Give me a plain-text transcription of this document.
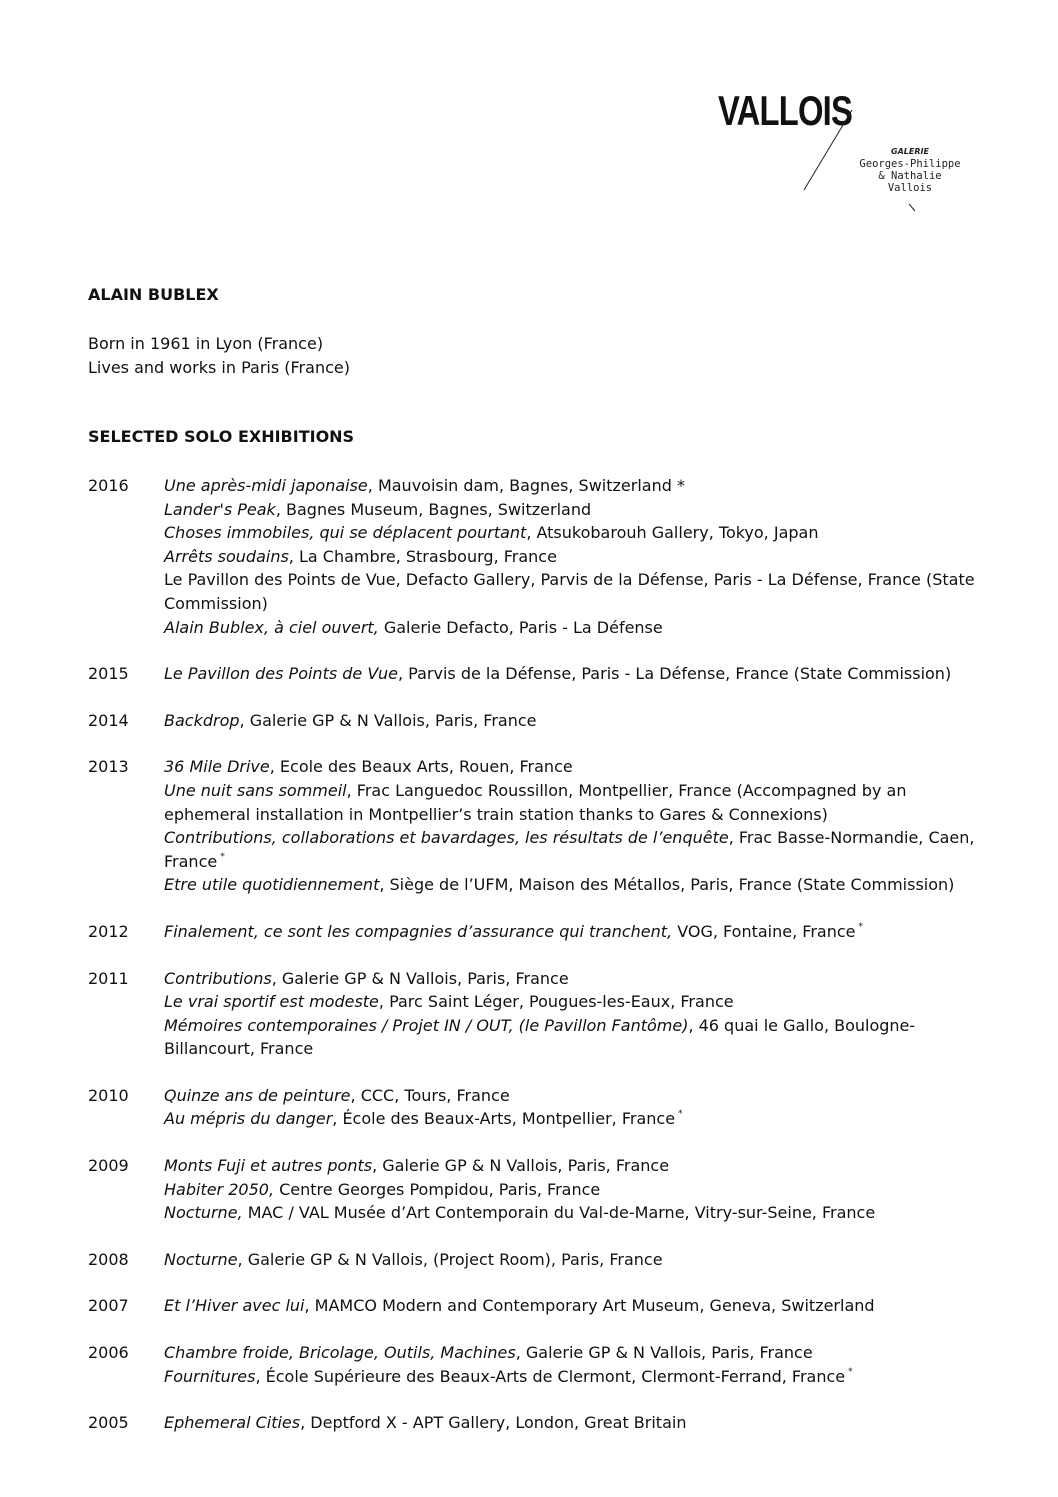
VALLOIS
GALERIE
Georges-Philippe
& Nathalie
Vallois
ALAIN BUBLEX
Born in 1961 in Lyon (France)
Lives and works in Paris (France)
SELECTED SOLO EXHIBITIONS
2016	Une après-midi japonaise, Mauvoisin dam, Bagnes, Switzerland *
Lander's Peak, Bagnes Museum, Bagnes, Switzerland
Choses immobiles, qui se déplacent pourtant, Atsukobarouh Gallery, Tokyo, Japan
Arrêts soudains, La Chambre, Strasbourg, France
Le Pavillon des Points de Vue, Defacto Gallery, Parvis de la Défense, Paris - La Défense, France (State Commission)
Alain Bublex, à ciel ouvert, Galerie Defacto, Paris - La Défense
2015	Le Pavillon des Points de Vue, Parvis de la Défense, Paris - La Défense, France (State Commission)
2014	Backdrop, Galerie GP & N Vallois, Paris, France
2013	36 Mile Drive, Ecole des Beaux Arts, Rouen, France
Une nuit sans sommeil, Frac Languedoc Roussillon, Montpellier, France (Accompagned by an ephemeral installation in Montpellier’s train station thanks to Gares & Connexions)
Contributions, collaborations et bavardages, les résultats de l’enquête, Frac Basse-Normandie, Caen, France *
Etre utile quotidiennement, Siège de l’UFM, Maison des Métallos, Paris, France (State Commission)
2012	Finalement, ce sont les compagnies d’assurance qui tranchent, VOG, Fontaine, France *
2011	Contributions, Galerie GP & N Vallois, Paris, France
Le vrai sportif est modeste, Parc Saint Léger, Pougues-les-Eaux, France
Mémoires contemporaines / Projet IN / OUT, (le Pavillon Fantôme), 46 quai le Gallo, Boulogne-Billancourt, France
2010	Quinze ans de peinture, CCC, Tours, France
Au mépris du danger, École des Beaux-Arts, Montpellier, France *
2009	Monts Fuji et autres ponts, Galerie GP & N Vallois, Paris, France
Habiter 2050, Centre Georges Pompidou, Paris, France
Nocturne, MAC / VAL Musée d’Art Contemporain du Val-de-Marne, Vitry-sur-Seine, France
2008	Nocturne, Galerie GP & N Vallois, (Project Room), Paris, France
2007	Et l’Hiver avec lui, MAMCO Modern and Contemporary Art Museum, Geneva, Switzerland
2006	Chambre froide, Bricolage, Outils, Machines, Galerie GP & N Vallois, Paris, France
Fournitures, École Supérieure des Beaux-Arts de Clermont, Clermont-Ferrand, France *
2005	Ephemeral Cities, Deptford X - APT Gallery, London, Great Britain
